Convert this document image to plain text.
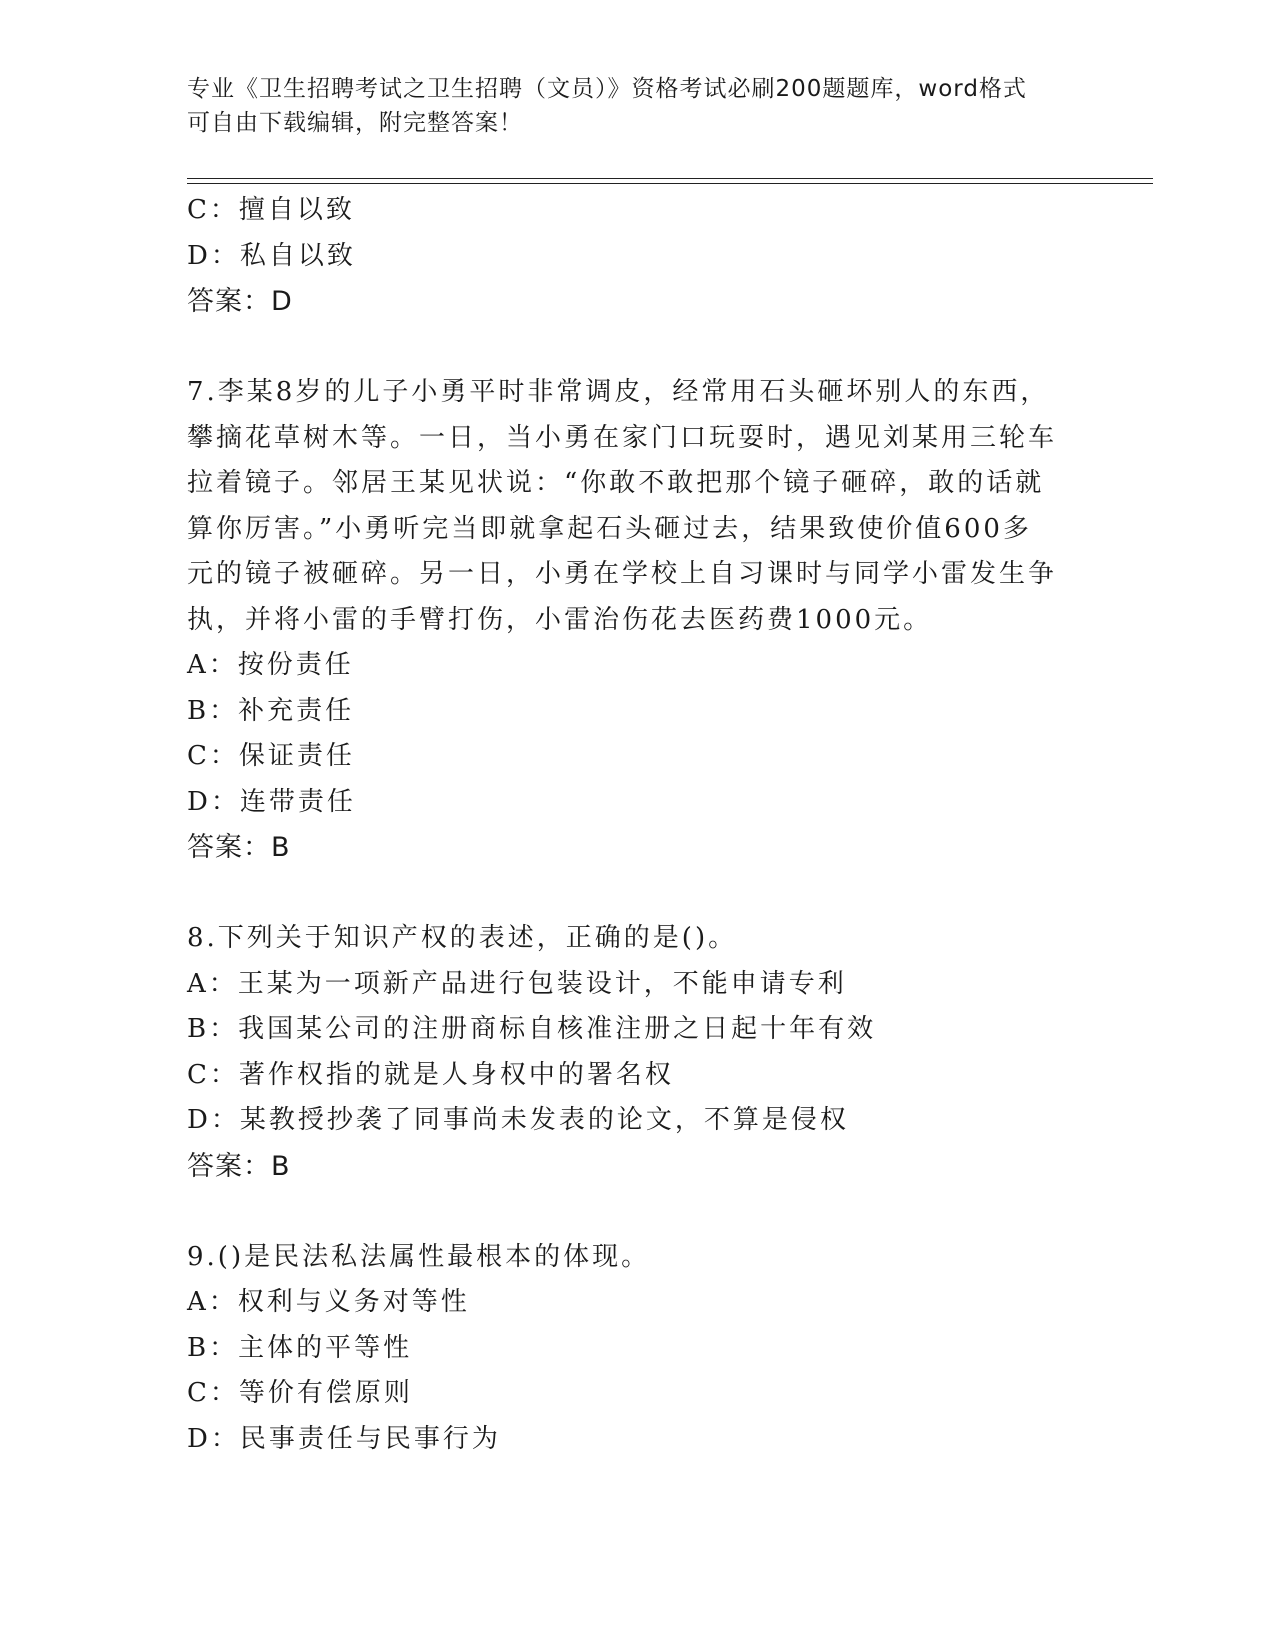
专业《卫生招聘考试之卫生招聘（文员）》资格考试必刷200题题库，word格式
可自由下载编辑，附完整答案！
C：擅自以致
D：私自以致
答案：D
7.李某8岁的儿子小勇平时非常调皮，经常用石头砸坏别人的东西，
攀摘花草树木等。一日，当小勇在家门口玩耍时，遇见刘某用三轮车
拉着镜子。邻居王某见状说：“你敢不敢把那个镜子砸碎，敢的话就
算你厉害。”小勇听完当即就拿起石头砸过去，结果致使价值600多
元的镜子被砸碎。另一日，小勇在学校上自习课时与同学小雷发生争
执，并将小雷的手臂打伤，小雷治伤花去医药费1000元。
A：按份责任
B：补充责任
C：保证责任
D：连带责任
答案：B
8.下列关于知识产权的表述，正确的是()。
A：王某为一项新产品进行包装设计，不能申请专利
B：我国某公司的注册商标自核准注册之日起十年有效
C：著作权指的就是人身权中的署名权
D：某教授抄袭了同事尚未发表的论文，不算是侵权
答案：B
9.()是民法私法属性最根本的体现。
A：权利与义务对等性
B：主体的平等性
C：等价有偿原则
D：民事责任与民事行为
